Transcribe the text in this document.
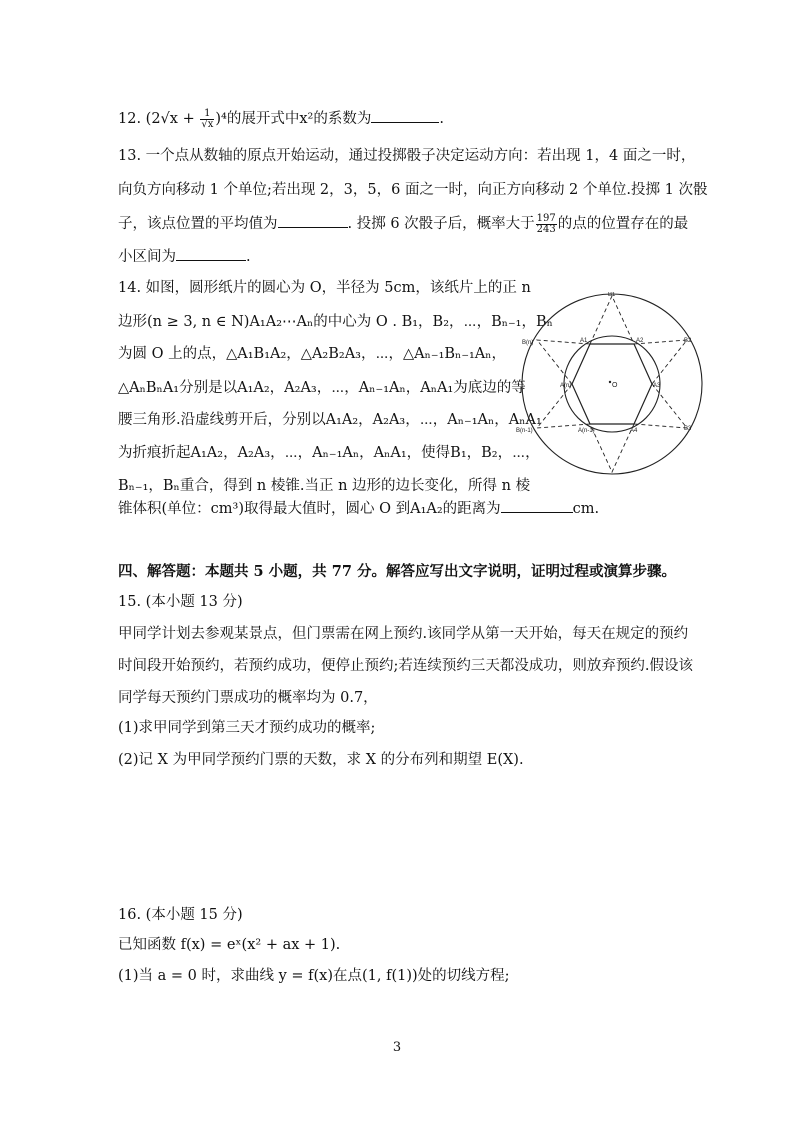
12. $(2√x + \frac{1}{√x} )^4$的展开式中x²的系数为	.
13. 一个点从数轴的原点开始运动，通过投掷骰子决定运动方向：若出现 1，4 面之一时，
向负方向移动 1 个单位;若出现 2，3，5，6 面之一时，向正方向移动 2 个单位.投掷 1 次骰
子，该点位置的平均值为	. 投掷 6 次骰子后，概率大于 $\frac{197}{243}$ 的点的位置存在的最
小区间为	.
14. 如图，圆形纸片的圆心为 O，半径为 5cm，该纸片上的正 n
边形(n ≥ 3, n ∈ N)A₁A₂⋯Aₙ的中心为 O . B₁，B₂，⋯，Bₙ₋₁，Bₙ
为圆 O 上的点，△A₁B₁A₂，△A₂B₂A₃，⋯，△Aₙ₋₁Bₙ₋₁Aₙ，
△AₙBₙA₁分别是以A₁A₂，A₂A₃，⋯，Aₙ₋₁Aₙ，AₙA₁为底边的等
腰三角形.沿虚线剪开后，分别以A₁A₂，A₂A₃，⋯，Aₙ₋₁Aₙ，AₙA₁
为折痕折起A₁A₂，A₂A₃，⋯，Aₙ₋₁Aₙ，AₙA₁，使得B₁，B₂，⋯，
Bₙ₋₁，Bₙ重合，得到 n 棱锥.当正 n 边形的边长变化，所得 n 棱
锥体积(单位：cm³)取得最大值时，圆心 O 到A₁A₂的距离为	cm.
B1
B2
B3
B(n)
B(n-1)
A1	A2
A3
A4
A(n)
A(n-1)
O
四、解答题：本题共 5 小题，共 77 分。解答应写出文字说明，证明过程或演算步骤。
15. (本小题 13 分)
甲同学计划去参观某景点，但门票需在网上预约.该同学从第一天开始，每天在规定的预约
时间段开始预约，若预约成功，便停止预约;若连续预约三天都没成功，则放弃预约.假设该
同学每天预约门票成功的概率均为 0.7，
(1)求甲同学到第三天才预约成功的概率;
(2)记 X 为甲同学预约门票的天数，求 X 的分布列和期望 E(X).
16. (本小题 15 分)
已知函数 f(x) = eˣ(x² + ax + 1).
(1)当 a = 0 时，求曲线 y = f(x)在点(1, f(1))处的切线方程;
3
